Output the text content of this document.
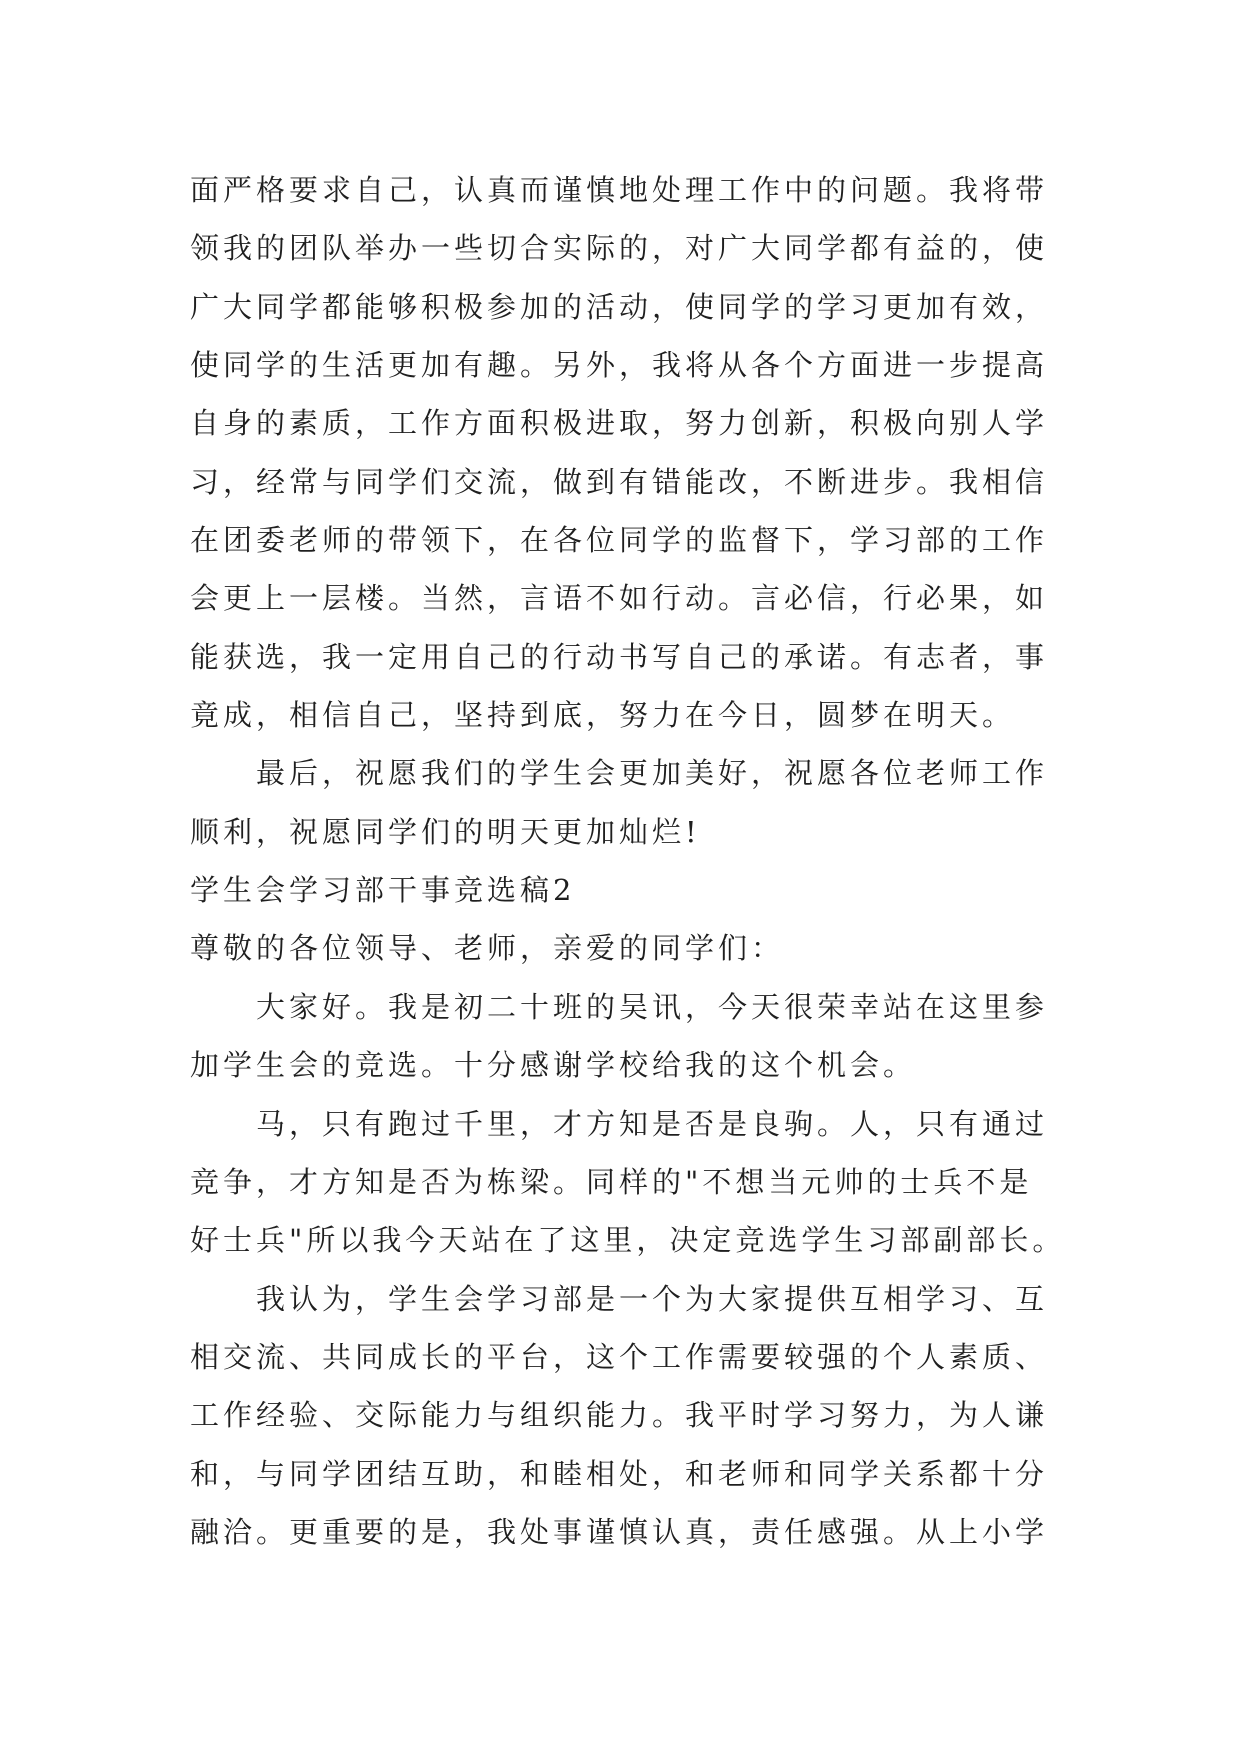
面严格要求自己，认真而谨慎地处理工作中的问题。我将带
领我的团队举办一些切合实际的，对广大同学都有益的，使
广大同学都能够积极参加的活动，使同学的学习更加有效，
使同学的生活更加有趣。另外，我将从各个方面进一步提高
自身的素质，工作方面积极进取，努力创新，积极向别人学
习，经常与同学们交流，做到有错能改，不断进步。我相信
在团委老师的带领下，在各位同学的监督下，学习部的工作
会更上一层楼。当然，言语不如行动。言必信，行必果，如
能获选，我一定用自己的行动书写自己的承诺。有志者，事
竟成，相信自己，坚持到底，努力在今日，圆梦在明天。
最后，祝愿我们的学生会更加美好，祝愿各位老师工作
顺利，祝愿同学们的明天更加灿烂!
学生会学习部干事竞选稿2
尊敬的各位领导、老师，亲爱的同学们：
大家好。我是初二十班的吴讯，今天很荣幸站在这里参
加学生会的竞选。十分感谢学校给我的这个机会。
马，只有跑过千里，才方知是否是良驹。人，只有通过
竞争，才方知是否为栋梁。同样的"不想当元帅的士兵不是
好士兵"所以我今天站在了这里，决定竞选学生习部副部长。
我认为，学生会学习部是一个为大家提供互相学习、互
相交流、共同成长的平台，这个工作需要较强的个人素质、
工作经验、交际能力与组织能力。我平时学习努力，为人谦
和，与同学团结互助，和睦相处，和老师和同学关系都十分
融洽。更重要的是，我处事谨慎认真，责任感强。从上小学
